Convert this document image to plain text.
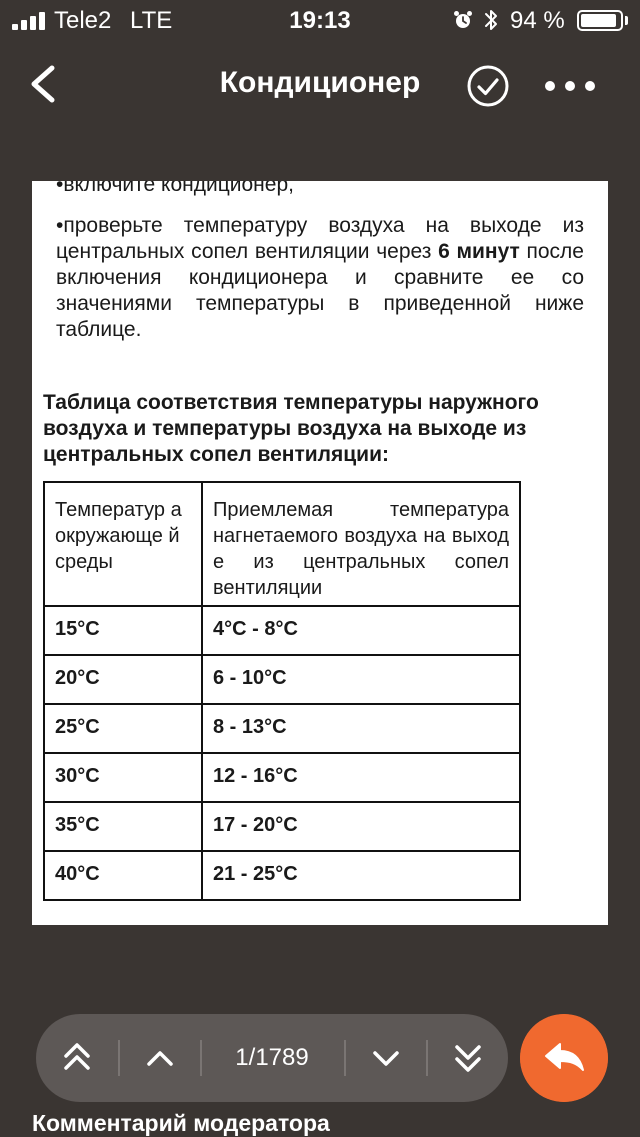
Tele2 LTE	19:13	94 %
Кондиционер
•включите кондиционер,
•проверьте температуру воздуха на выходе из центральных сопел вентиляции через 6 минут после включения кондиционера и сравните ее со значениями температуры в приведенной ниже таблице.
Таблица соответствия температуры наружного воздуха и температуры воздуха на выходе из центральных сопел вентиляции:
Температур а окружающе й среды	Приемлемая температура нагнетаемого воздуха на выход е из центральных сопел вентиляции
15°C	4°C - 8°C
20°C	6 - 10°C
25°C	8 - 13°C
30°C	12 - 16°C
35°C	17 - 20°C
40°C	21 - 25°C
1/1789
Комментарий модератора
